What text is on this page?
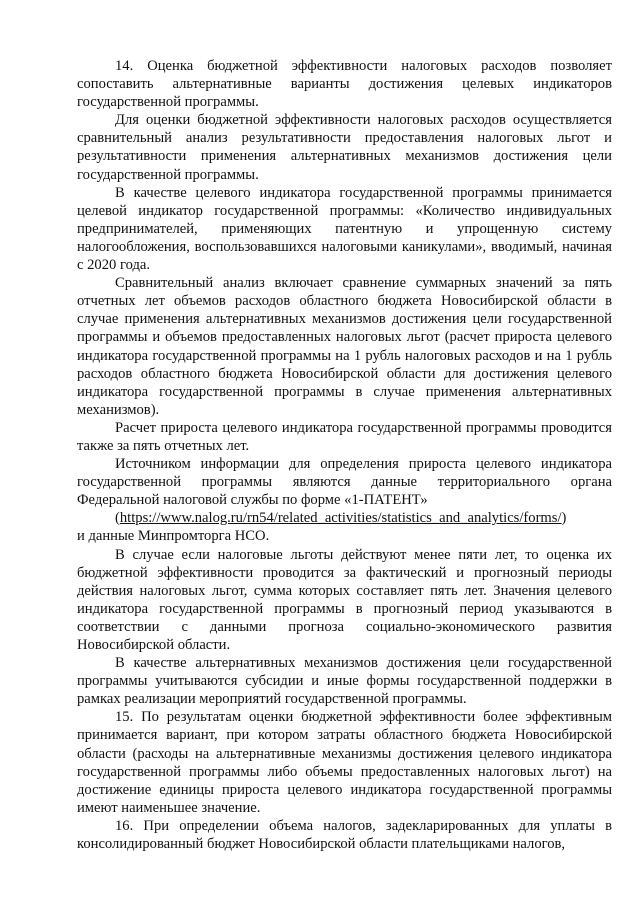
14. Оценка бюджетной эффективности налоговых расходов позволяет сопоставить альтернативные варианты достижения целевых индикаторов государственной программы.

Для оценки бюджетной эффективности налоговых расходов осуществляется сравнительный анализ результативности предоставления налоговых льгот и результативности применения альтернативных механизмов достижения цели государственной программы.

В качестве целевого индикатора государственной программы принимается целевой индикатор государственной программы: «Количество индивидуальных предпринимателей, применяющих патентную и упрощенную систему налогообложения, воспользовавшихся налоговыми каникулами», вводимый, начиная с 2020 года.

Сравнительный анализ включает сравнение суммарных значений за пять отчетных лет объемов расходов областного бюджета Новосибирской области в случае применения альтернативных механизмов достижения цели государственной программы и объемов предоставленных налоговых льгот (расчет прироста целевого индикатора государственной программы на 1 рубль налоговых расходов и на 1 рубль расходов областного бюджета Новосибирской области для достижения целевого индикатора государственной программы в случае применения альтернативных механизмов).

Расчет прироста целевого индикатора государственной программы проводится также за пять отчетных лет.

Источником информации для определения прироста целевого индикатора государственной программы являются данные территориального органа Федеральной налоговой службы по форме «1-ПАТЕНТ»

(https://www.nalog.ru/rn54/related_activities/statistics_and_analytics/forms/)

и данные Минпромторга НСО.

В случае если налоговые льготы действуют менее пяти лет, то оценка их бюджетной эффективности проводится за фактический и прогнозный периоды действия налоговых льгот, сумма которых составляет пять лет. Значения целевого индикатора государственной программы в прогнозный период указываются в соответствии с данными прогноза социально-экономического развития Новосибирской области.

В качестве альтернативных механизмов достижения цели государственной программы учитываются субсидии и иные формы государственной поддержки в рамках реализации мероприятий государственной программы.

15. По результатам оценки бюджетной эффективности более эффективным принимается вариант, при котором затраты областного бюджета Новосибирской области (расходы на альтернативные механизмы достижения целевого индикатора государственной программы либо объемы предоставленных налоговых льгот) на достижение единицы прироста целевого индикатора государственной программы имеют наименьшее значение.

16. При определении объема налогов, задекларированных для уплаты в консолидированный бюджет Новосибирской области плательщиками налогов,
